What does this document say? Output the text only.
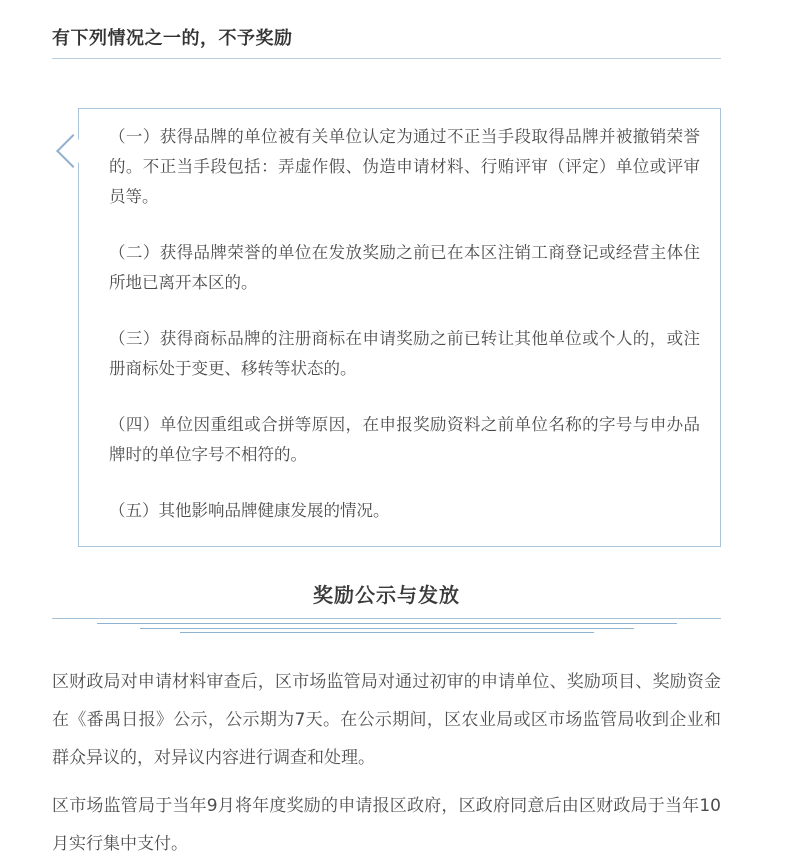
有下列情况之一的，不予奖励

（一）获得品牌的单位被有关单位认定为通过不正当手段取得品牌并被撤销荣誉的。不正当手段包括：弄虚作假、伪造申请材料、行贿评审（评定）单位或评审员等。

（二）获得品牌荣誉的单位在发放奖励之前已在本区注销工商登记或经营主体住所地已离开本区的。

（三）获得商标品牌的注册商标在申请奖励之前已转让其他单位或个人的，或注册商标处于变更、移转等状态的。

（四）单位因重组或合拼等原因，在申报奖励资料之前单位名称的字号与申办品牌时的单位字号不相符的。

（五）其他影响品牌健康发展的情况。

奖励公示与发放

区财政局对申请材料审查后，区市场监管局对通过初审的申请单位、奖励项目、奖励资金在《番禺日报》公示，公示期为7天。在公示期间，区农业局或区市场监管局收到企业和群众异议的，对异议内容进行调查和处理。

区市场监管局于当年9月将年度奖励的申请报区政府，区政府同意后由区财政局于当年10月实行集中支付。
